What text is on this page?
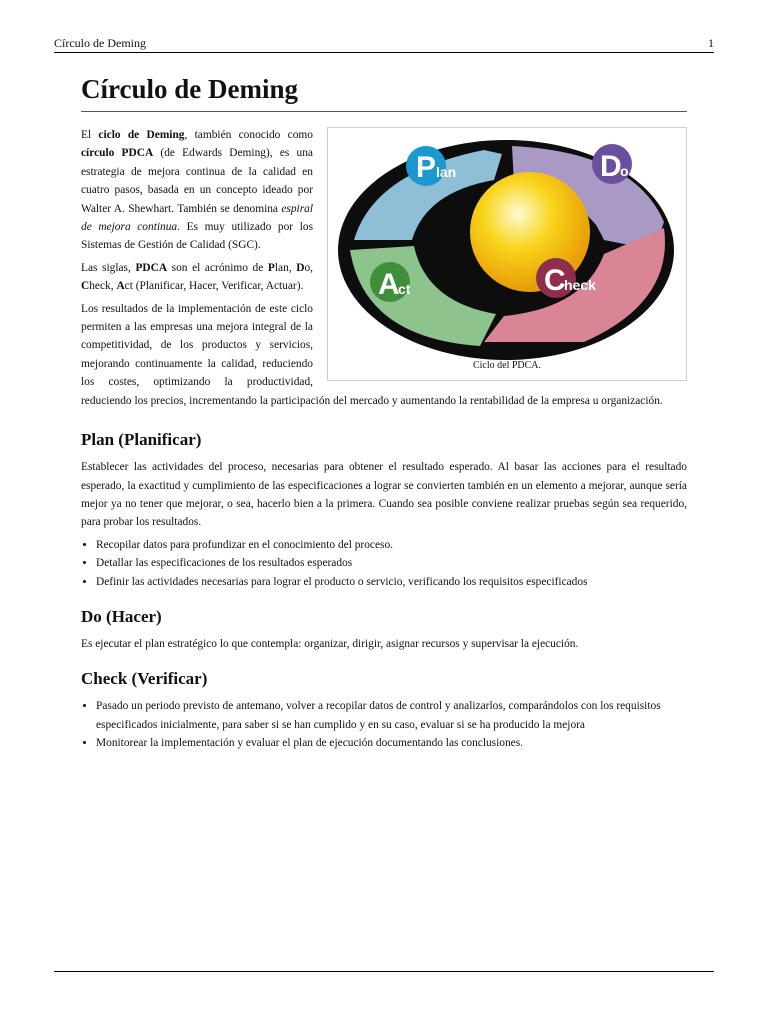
Círculo de Deming	1
Círculo de Deming
P lan	D
o
C
heck
A
ct
Ciclo del PDCA.

El ciclo de Deming, también conocido como círculo PDCA (de Edwards Deming), es una estrategia de mejora continua de la calidad en cuatro pasos, basada en un concepto ideado por Walter A. Shewhart. También se denomina espiral de mejora continua. Es muy utilizado por los Sistemas de Gestión de Calidad (SGC).

Las siglas, PDCA son el acrónimo de Plan, Do, Check, Act (Planificar, Hacer, Verificar, Actuar).

Los resultados de la implementación de este ciclo permiten a las empresas una mejora integral de la competitividad, de los productos y servicios, mejorando continuamente la calidad, reduciendo los costes, optimizando la productividad, reduciendo los precios, incrementando la participación del mercado y aumentando la rentabilidad de la empresa u organización.

Plan (Planificar)

Establecer las actividades del proceso, necesarias para obtener el resultado esperado. Al basar las acciones para el resultado esperado, la exactitud y cumplimiento de las especificaciones a lograr se convierten también en un elemento a mejorar, aunque sería mejor ya no tener que mejorar, o sea, hacerlo bien a la primera. Cuando sea posible conviene realizar pruebas según sea requerido, para probar los resultados.

• Recopilar datos para profundizar en el conocimiento del proceso.
• Detallar las especificaciones de los resultados esperados
• Definir las actividades necesarias para lograr el producto o servicio, verificando los requisitos especificados
Do (Hacer)

Es ejecutar el plan estratégico lo que contempla: organizar, dirigir, asignar recursos y supervisar la ejecución.

Check (Verificar)
• Pasado un periodo previsto de antemano, volver a recopilar datos de control y analizarlos, comparándolos con los requisitos especificados inicialmente, para saber si se han cumplido y en su caso, evaluar si se ha producido la mejora
• Monitorear la implementación y evaluar el plan de ejecución documentando las conclusiones.
